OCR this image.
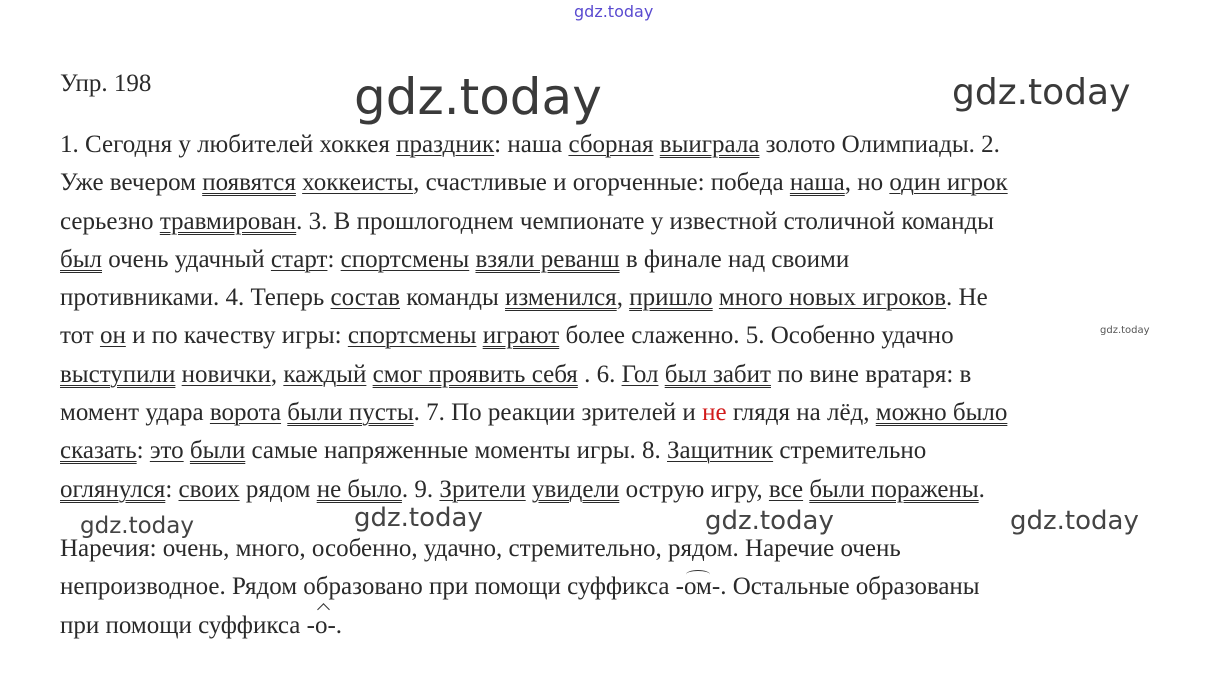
gdz.today
gdz.today	gdz.today
gdz.today
gdz.today	gdz.today	gdz.today	gdz.today
Упр. 198
1. Сегодня у любителей хоккея праздник: наша сборная выиграла золото Олимпиады. 2.
Уже вечером появятся хоккеисты, счастливые и огорченные: победа наша, но один игрок
серьезно травмирован. 3. В прошлогоднем чемпионате у известной столичной команды
был очень удачный старт: спортсмены взяли реванш в финале над своими
противниками. 4. Теперь состав команды изменился, пришло много новых игроков. Не
тот он и по качеству игры: спортсмены играют более слаженно. 5. Особенно удачно
выступили новички, каждый смог проявить себя . 6. Гол был забит по вине вратаря: в
момент удара ворота были пусты. 7. По реакции зрителей и не глядя на лёд, можно было
сказать: это были самые напряженные моменты игры. 8. Защитник стремительно
оглянулся: своих рядом не было. 9. Зрители увидели острую игру, все были поражены.
Наречия: очень, много, особенно, удачно, стремительно, рядом. Наречие очень
непроизводное. Рядом образовано при помощи суффикса -ом-. Остальные образованы
при помощи суффикса -о-.
